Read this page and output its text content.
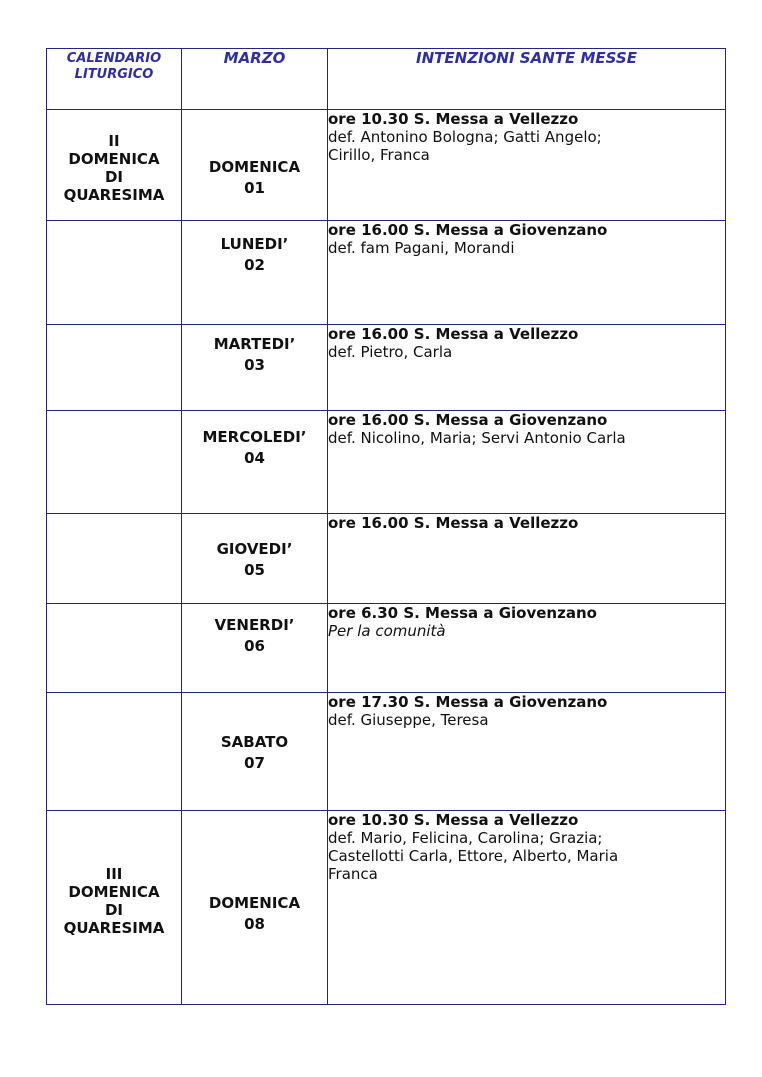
CALENDARIO
LITURGICO	MARZO	INTENZIONI SANTE MESSE

II
DOMENICA
DI
QUARESIMA	DOMENICA
01	ore 10.30 S. Messa a Vellezzo
def. Antonino Bologna; Gatti Angelo;
Cirillo, Franca

	LUNEDI’
02	ore 16.00 S. Messa a Giovenzano
def. fam Pagani, Morandi

	MARTEDI’
03	ore 16.00 S. Messa a Vellezzo
def. Pietro, Carla

	MERCOLEDI’
04	ore 16.00 S. Messa a Giovenzano
def. Nicolino, Maria; Servi Antonio Carla

	GIOVEDI’
05	ore 16.00 S. Messa a Vellezzo

	VENERDI’
06	ore 6.30 S. Messa a Giovenzano
Per la comunità

	SABATO
07	ore 17.30 S. Messa a Giovenzano
def. Giuseppe, Teresa

III
DOMENICA
DI
QUARESIMA	DOMENICA
08	ore 10.30 S. Messa a Vellezzo
def. Mario, Felicina, Carolina; Grazia;
Castellotti Carla, Ettore, Alberto, Maria
Franca
